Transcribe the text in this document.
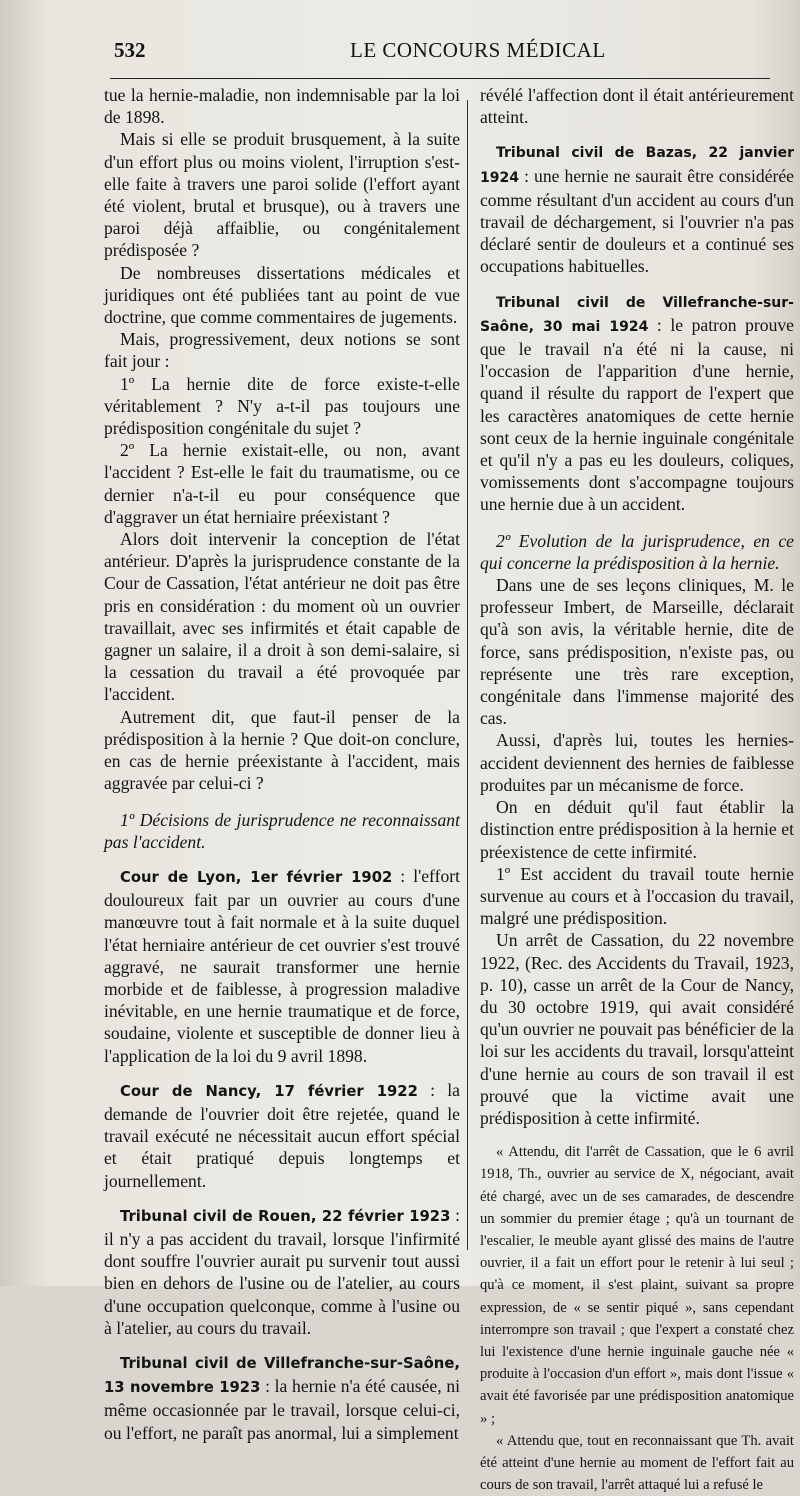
532	LE CONCOURS MÉDICAL

tue la hernie-maladie, non indemnisable par la loi de 1898.

Mais si elle se produit brusquement, à la suite d'un effort plus ou moins violent, l'irruption s'est-elle faite à travers une paroi solide (l'effort ayant été violent, brutal et brusque), ou à travers une paroi déjà affaiblie, ou congénitalement prédisposée ?

De nombreuses dissertations médicales et juridiques ont été publiées tant au point de vue doctrine, que comme commentaires de jugements.

Mais, progressivement, deux notions se sont fait jour :

1º La hernie dite de force existe-t-elle véritablement ? N'y a-t-il pas toujours une prédisposition congénitale du sujet ?

2º La hernie existait-elle, ou non, avant l'accident ? Est-elle le fait du traumatisme, ou ce dernier n'a-t-il eu pour conséquence que d'aggraver un état herniaire préexistant ?

Alors doit intervenir la conception de l'état antérieur. D'après la jurisprudence constante de la Cour de Cassation, l'état antérieur ne doit pas être pris en considération : du moment où un ouvrier travaillait, avec ses infirmités et était capable de gagner un salaire, il a droit à son demi-salaire, si la cessation du travail a été provoquée par l'accident.

Autrement dit, que faut-il penser de la prédisposition à la hernie ? Que doit-on conclure, en cas de hernie préexistante à l'accident, mais aggravée par celui-ci ?

1º Décisions de jurisprudence ne reconnaissant pas l'accident.

Cour de Lyon, 1er février 1902 : l'effort douloureux fait par un ouvrier au cours d'une manœuvre tout à fait normale et à la suite duquel l'état herniaire antérieur de cet ouvrier s'est trouvé aggravé, ne saurait transformer une hernie morbide et de faiblesse, à progression maladive inévitable, en une hernie traumatique et de force, soudaine, violente et susceptible de donner lieu à l'application de la loi du 9 avril 1898.

Cour de Nancy, 17 février 1922 : la demande de l'ouvrier doit être rejetée, quand le travail exécuté ne nécessitait aucun effort spécial et était pratiqué depuis longtemps et journellement.

Tribunal civil de Rouen, 22 février 1923 : il n'y a pas accident du travail, lorsque l'infirmité dont souffre l'ouvrier aurait pu survenir tout aussi bien en dehors de l'usine ou de l'atelier, au cours d'une occupation quelconque, comme à l'usine ou à l'atelier, au cours du travail.

Tribunal civil de Villefranche-sur-Saône, 13 novembre 1923 : la hernie n'a été causée, ni même occasionnée par le travail, lorsque celui-ci, ou l'effort, ne paraît pas anormal, lui a simplement

révélé l'affection dont il était antérieurement atteint.

Tribunal civil de Bazas, 22 janvier 1924 : une hernie ne saurait être considérée comme résultant d'un accident au cours d'un travail de déchargement, si l'ouvrier n'a pas déclaré sentir de douleurs et a continué ses occupations habituelles.

Tribunal civil de Villefranche-sur-Saône, 30 mai 1924 : le patron prouve que le travail n'a été ni la cause, ni l'occasion de l'apparition d'une hernie, quand il résulte du rapport de l'expert que les caractères anatomiques de cette hernie sont ceux de la hernie inguinale congénitale et qu'il n'y a pas eu les douleurs, coliques, vomissements dont s'accompagne toujours une hernie due à un accident.

2º Evolution de la jurisprudence, en ce qui concerne la prédisposition à la hernie.

Dans une de ses leçons cliniques, M. le professeur Imbert, de Marseille, déclarait qu'à son avis, la véritable hernie, dite de force, sans prédisposition, n'existe pas, ou représente une très rare exception, congénitale dans l'immense majorité des cas.

Aussi, d'après lui, toutes les hernies-accident deviennent des hernies de faiblesse produites par un mécanisme de force.

On en déduit qu'il faut établir la distinction entre prédisposition à la hernie et préexistence de cette infirmité.

1º Est accident du travail toute hernie survenue au cours et à l'occasion du travail, malgré une prédisposition.

Un arrêt de Cassation, du 22 novembre 1922, (Rec. des Accidents du Travail, 1923, p. 10), casse un arrêt de la Cour de Nancy, du 30 octobre 1919, qui avait considéré qu'un ouvrier ne pouvait pas bénéficier de la loi sur les accidents du travail, lorsqu'atteint d'une hernie au cours de son travail il est prouvé que la victime avait une prédisposition à cette infirmité.

« Attendu, dit l'arrêt de Cassation, que le 6 avril 1918, Th., ouvrier au service de X, négociant, avait été chargé, avec un de ses camarades, de descendre un sommier du premier étage ; qu'à un tournant de l'escalier, le meuble ayant glissé des mains de l'autre ouvrier, il a fait un effort pour le retenir à lui seul ; qu'à ce moment, il s'est plaint, suivant sa propre expression, de « se sentir piqué », sans cependant interrompre son travail ; que l'expert a constaté chez lui l'existence d'une hernie inguinale gauche née « produite à l'occasion d'un effort », mais dont l'issue « avait été favorisée par une prédisposition anatomique » ;

« Attendu que, tout en reconnaissant que Th. avait été atteint d'une hernie au moment de l'effort fait au cours de son travail, l'arrêt attaqué lui a refusé le
